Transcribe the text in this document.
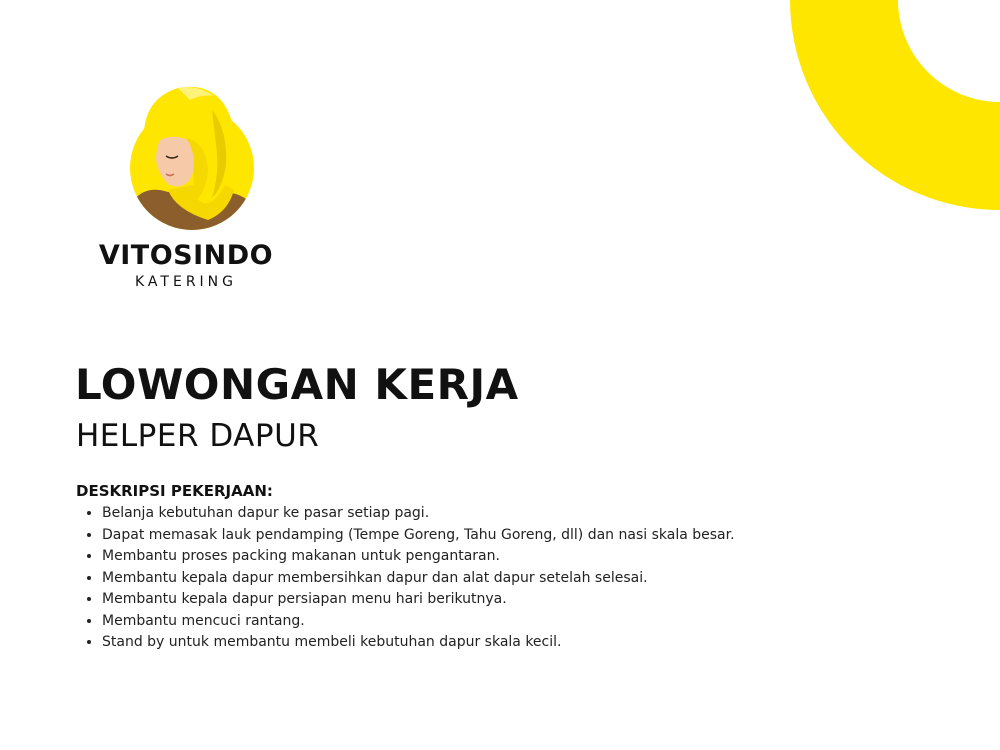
VITOSINDO
KATERING
LOWONGAN KERJA
HELPER DAPUR
DESKRIPSI PEKERJAAN:
• Belanja kebutuhan dapur ke pasar setiap pagi.
• Dapat memasak lauk pendamping (Tempe Goreng, Tahu Goreng, dll) dan nasi skala besar.
• Membantu proses packing makanan untuk pengantaran.
• Membantu kepala dapur membersihkan dapur dan alat dapur setelah selesai.
• Membantu kepala dapur persiapan menu hari berikutnya.
• Membantu mencuci rantang.
• Stand by untuk membantu membeli kebutuhan dapur skala kecil.
